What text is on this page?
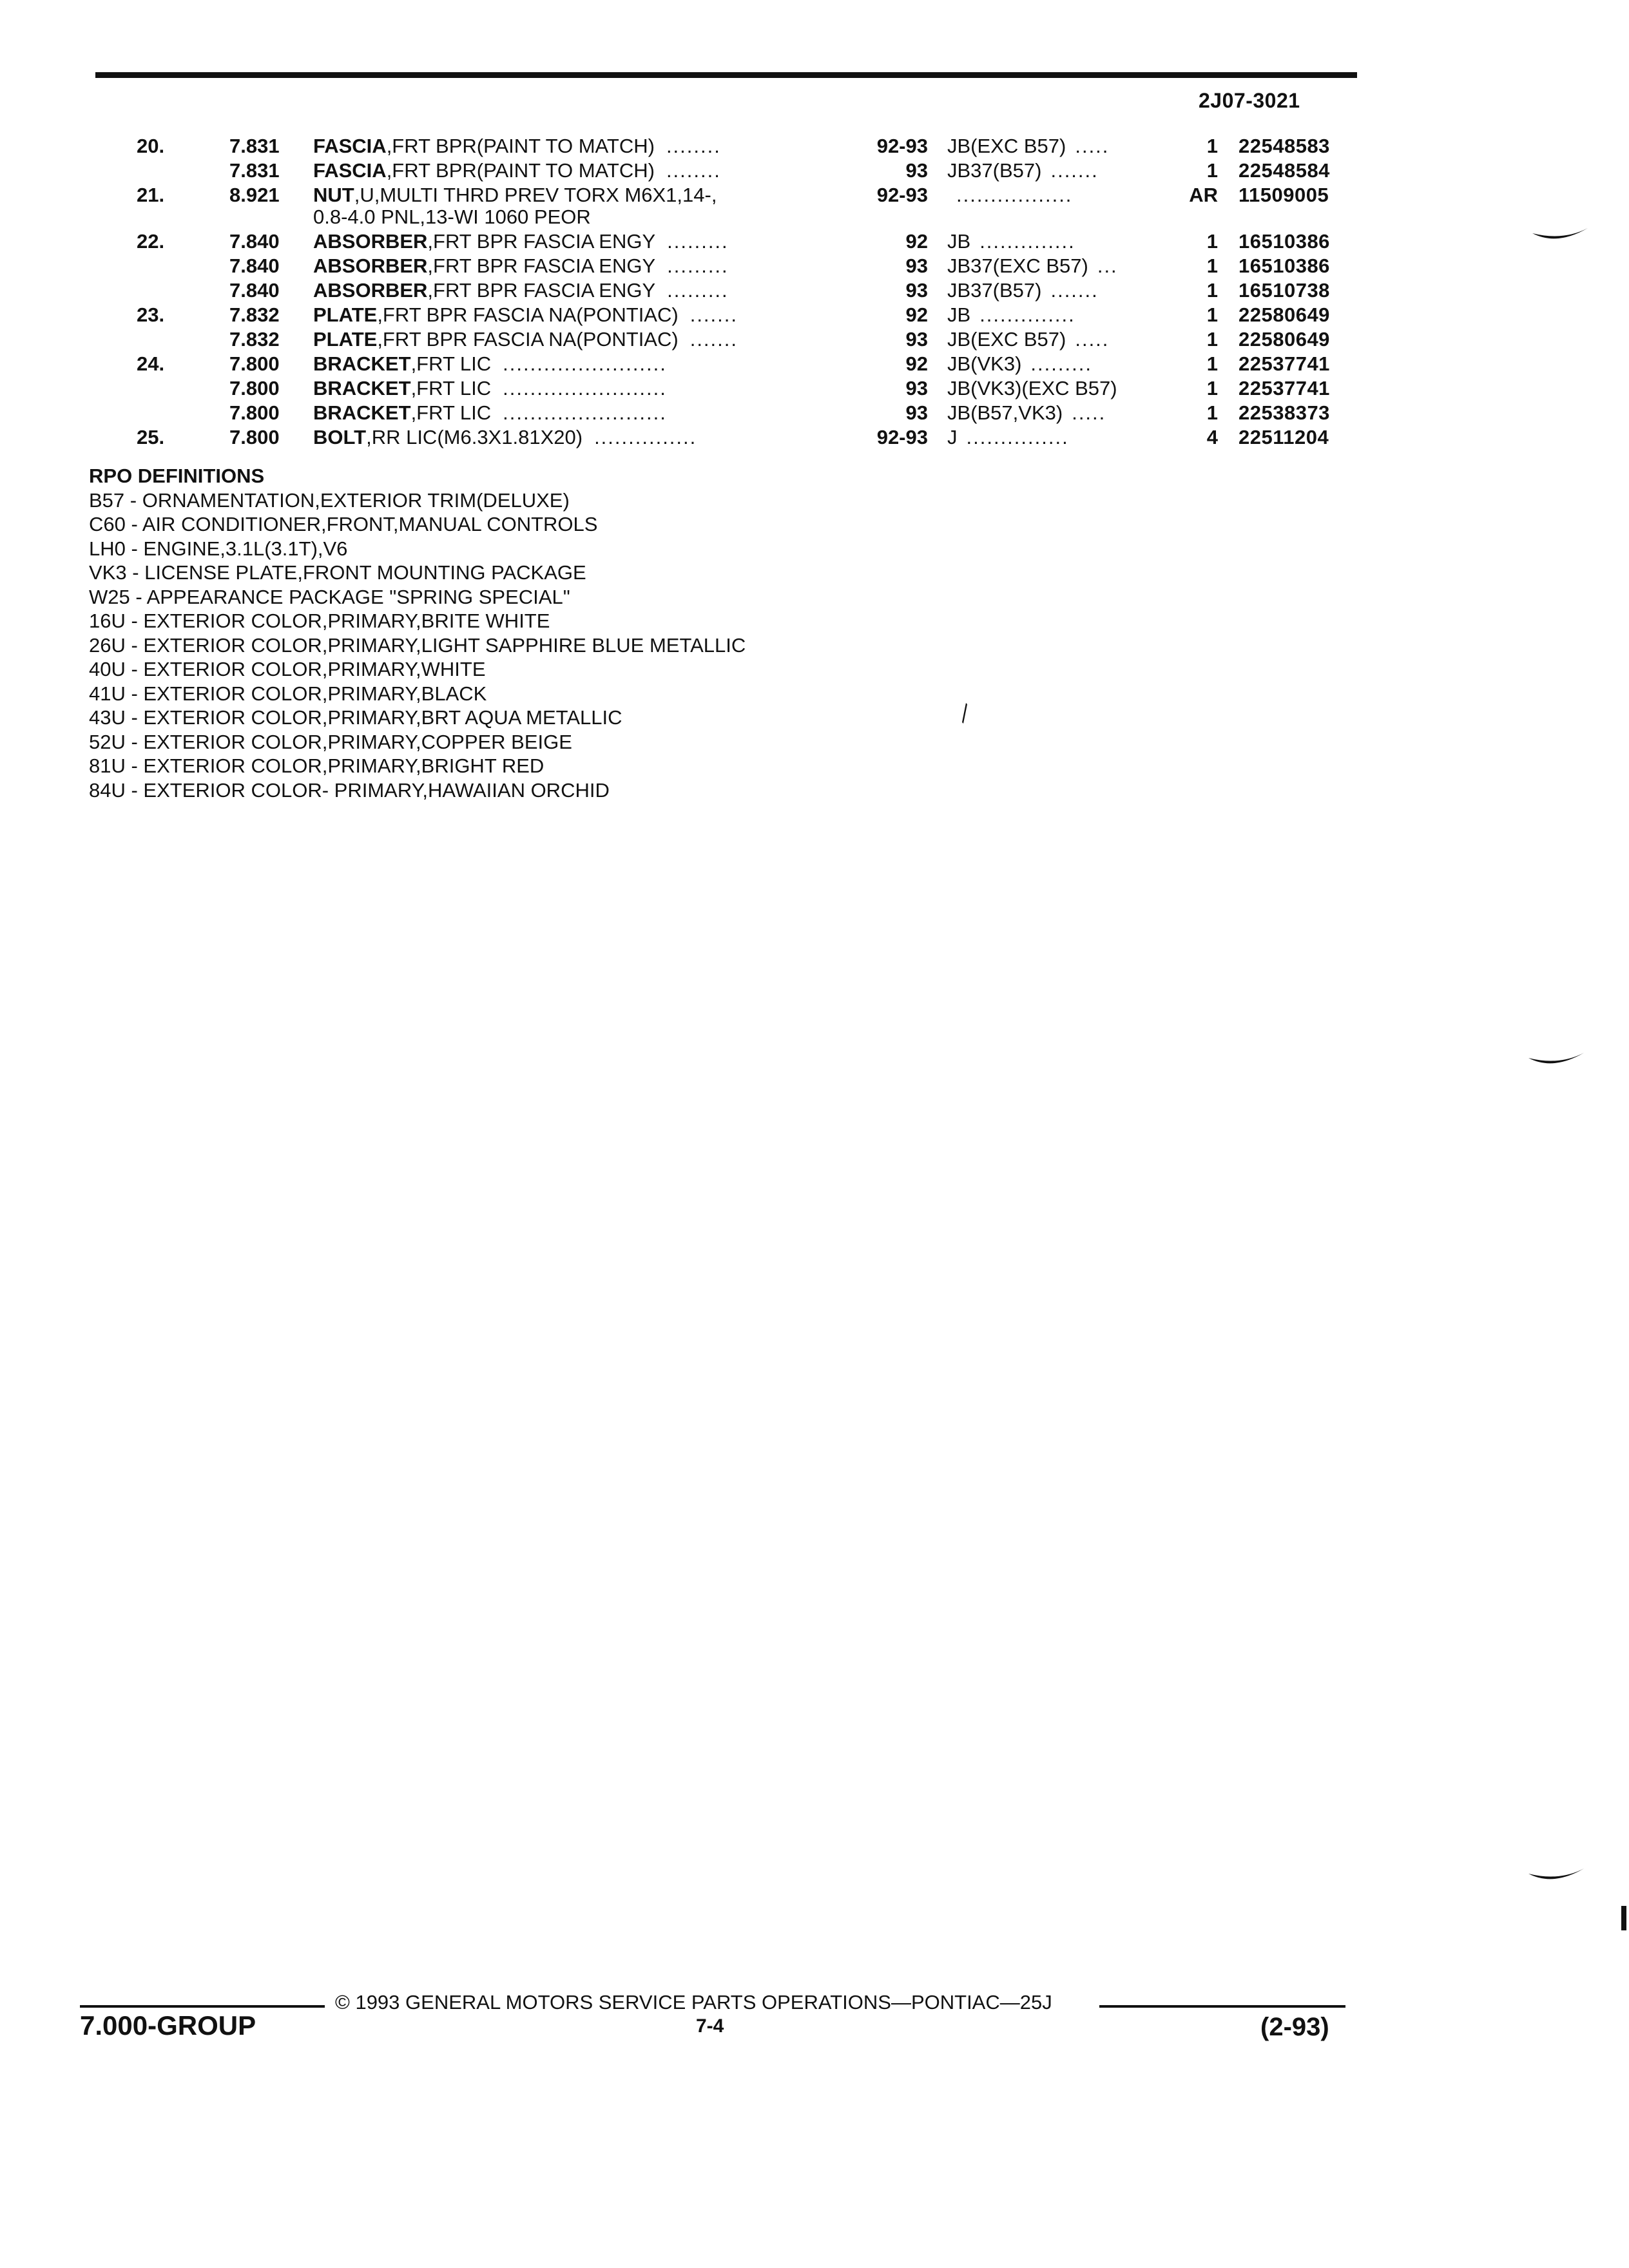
2J07-3021
20.	7.831 FASCIA,FRT BPR(PAINT TO MATCH) ........	92-93 JB(EXC B57) .....	1 22548583
7.831 FASCIA,FRT BPR(PAINT TO MATCH) ........	93 JB37(B57) .......	1 22548584
21.	8.921 NUT,U,MULTI THRD PREV TORX M6X1,14-,	92-93	.................	AR 11509005
0.8-4.0 PNL,13-WI 1060 PEOR
22.	7.840 ABSORBER,FRT BPR FASCIA ENGY .........	92 JB ..............	1 16510386
7.840 ABSORBER,FRT BPR FASCIA ENGY .........	93 JB37(EXC B57) ...	1 16510386
7.840 ABSORBER,FRT BPR FASCIA ENGY .........	93 JB37(B57) .......	1 16510738
23.	7.832 PLATE,FRT BPR FASCIA NA(PONTIAC) .......	92 JB ..............	1 22580649
7.832 PLATE,FRT BPR FASCIA NA(PONTIAC) .......	93 JB(EXC B57) .....	1 22580649
24.	7.800 BRACKET,FRT LIC ........................	92 JB(VK3) .........	1 22537741
7.800 BRACKET,FRT LIC ........................	93 JB(VK3)(EXC B57)	1 22537741
7.800 BRACKET,FRT LIC ........................	93 JB(B57,VK3) .....	1 22538373
25.	7.800 BOLT,RR LIC(M6.3X1.81X20) ...............	92-93 J ...............	4 22511204
RPO DEFINITIONS
B57 - ORNAMENTATION,EXTERIOR TRIM(DELUXE)
C60 - AIR CONDITIONER,FRONT,MANUAL CONTROLS
LH0 - ENGINE,3.1L(3.1T),V6
VK3 - LICENSE PLATE,FRONT MOUNTING PACKAGE
W25 - APPEARANCE PACKAGE "SPRING SPECIAL"
16U - EXTERIOR COLOR,PRIMARY,BRITE WHITE
26U - EXTERIOR COLOR,PRIMARY,LIGHT SAPPHIRE BLUE METALLIC
40U - EXTERIOR COLOR,PRIMARY,WHITE
41U - EXTERIOR COLOR,PRIMARY,BLACK
43U - EXTERIOR COLOR,PRIMARY,BRT AQUA METALLIC
52U - EXTERIOR COLOR,PRIMARY,COPPER BEIGE
81U - EXTERIOR COLOR,PRIMARY,BRIGHT RED
84U - EXTERIOR COLOR- PRIMARY,HAWAIIAN ORCHID
© 1993 GENERAL MOTORS SERVICE PARTS OPERATIONS—PONTIAC—25J
7.000-GROUP	7-4	(2-93)
